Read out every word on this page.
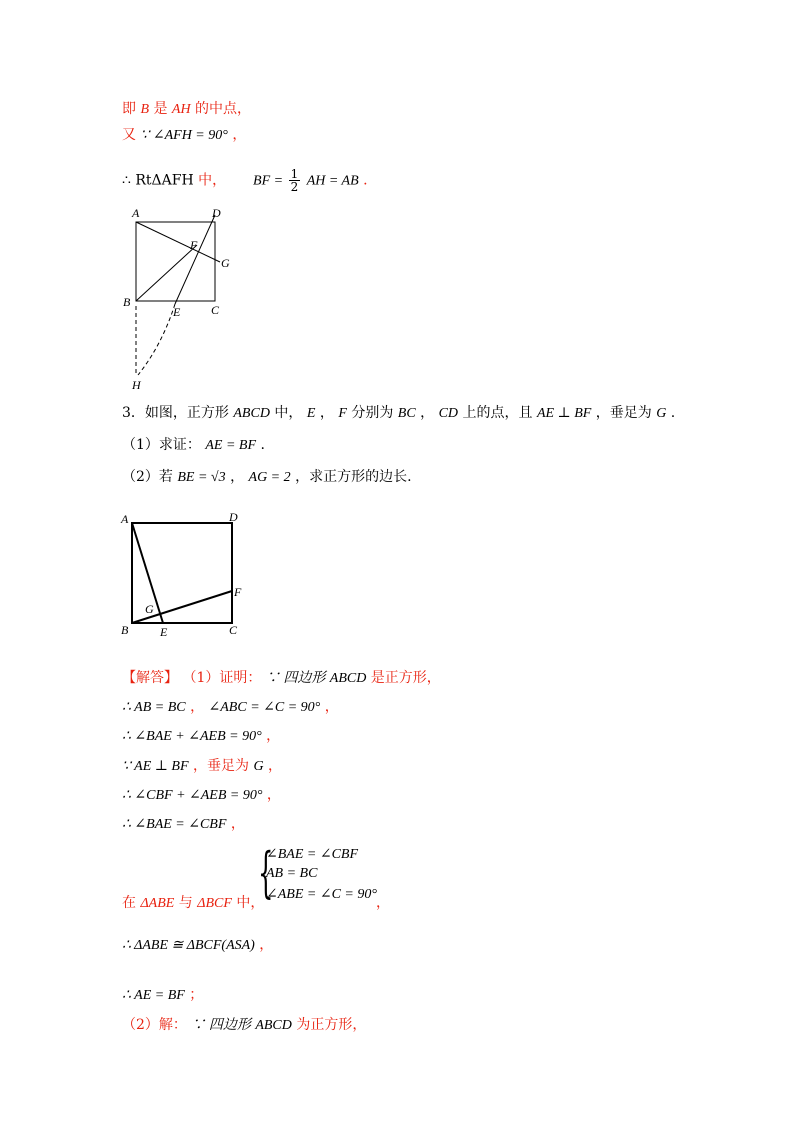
即 B 是 AH 的中点，
又 ∵ ∠AFH = 90° ，
∴ RtΔAFH 中， BF = $\frac{1}{2}$ AH = AB .
A	D
F
G
B
E	C
H
3．如图，正方形 ABCD 中， E ， F 分别为 BC ， CD 上的点，且 AE ⊥ BF ，垂足为 G .
（1）求证： AE = BF .
（2）若 BE = √3 ， AG = 2 ，求正方形的边长.
A	D
F
G
B	E	C
【解答】 （1）证明： ∵ 四边形 ABCD 是正方形，
∴ AB = BC ， ∠ABC = ∠C = 90° ，
∴ ∠BAE + ∠AEB = 90° ，
∵ AE ⊥ BF ，垂足为 G ，
∴ ∠CBF + ∠AEB = 90° ，
∴ ∠BAE = ∠CBF ，
{
∠BAE = ∠CBF
AB = BC
∠ABE = ∠C = 90°
在 ΔABE 与 ΔBCF 中，	，
∴ ΔABE ≅ ΔBCF(ASA) ，
∴ AE = BF ；
（2）解： ∵ 四边形 ABCD 为正方形，
